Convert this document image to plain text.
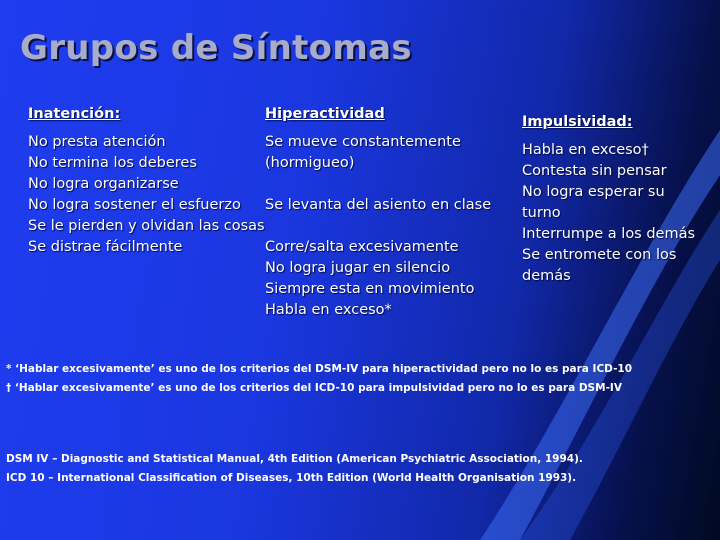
Grupos de Síntomas
Inatención:
No presta atención
No termina los deberes
No logra organizarse
No logra sostener el esfuerzo
Se le pierden y olvidan las cosas
Se distrae fácilmente
Hiperactividad
Se mueve constantemente
(hormigueo)

Se levanta del asiento en clase

Corre/salta excesivamente
No logra jugar en silencio
Siempre esta en movimiento
Habla en exceso*
Impulsividad:
Habla en exceso†
Contesta sin pensar
No logra esperar su turno
Interrumpe a los demás
Se entromete con los demás
* ‘Hablar excesivamente’ es uno de los criterios del DSM-IV para hiperactividad pero no lo es para ICD-10
† ‘Hablar excesivamente’ es uno de los criterios del ICD-10 para impulsividad pero no lo es para DSM-IV
DSM IV – Diagnostic and Statistical Manual, 4th Edition (American Psychiatric Association, 1994).
ICD 10 – International Classification of Diseases, 10th Edition (World Health Organisation 1993).
